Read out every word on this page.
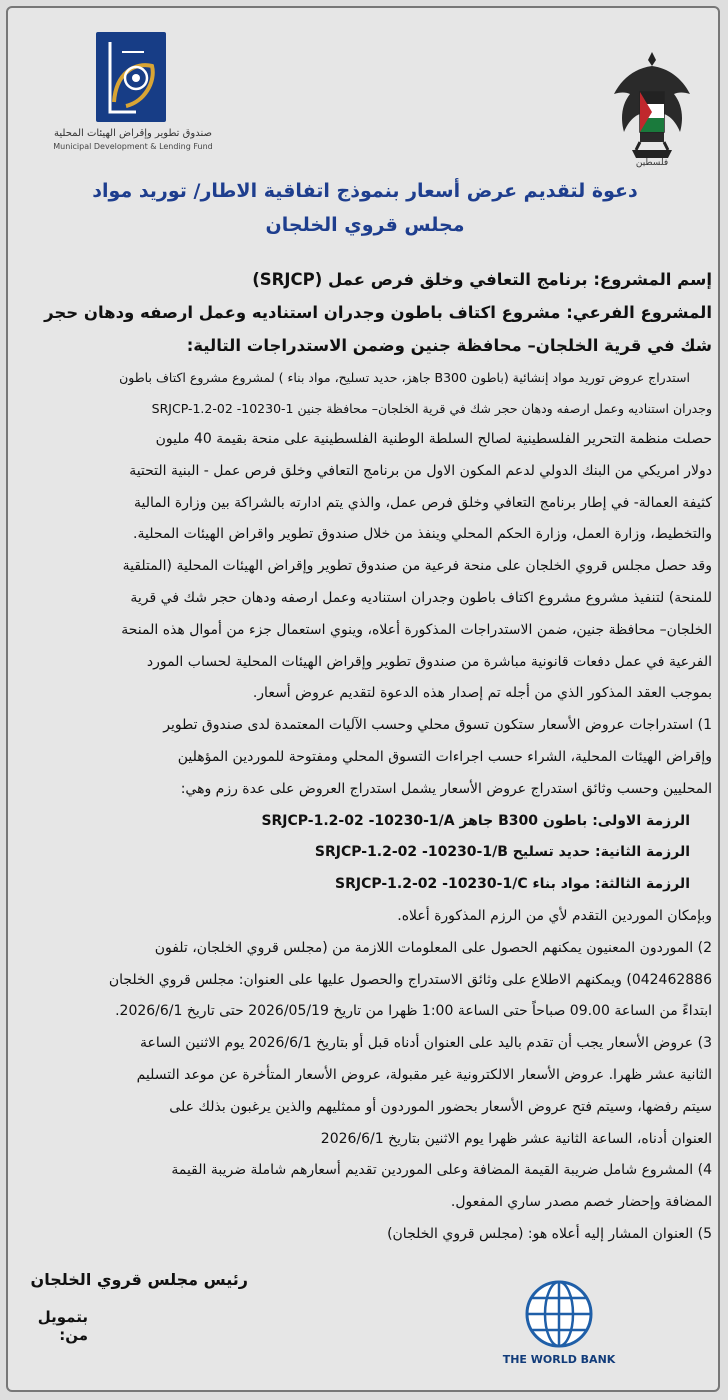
صندوق تطوير وإقراض الهيئات المحلية
Municipal Development & Lending Fund
فلسطين
دعوة لتقديم عرض أسعار بنموذج اتفاقية الاطار/ توريد مواد
مجلس قروي الخلجان
إسم المشروع: برنامج التعافي وخلق فرص عمل (SRJCP)
المشروع الفرعي: مشروع اكتاف باطون وجدران استناديه وعمل ارصفه ودهان حجر
شك في قرية الخلجان– محافظة جنين وضمن الاستدراجات التالية:
استدراج عروض توريد مواد إنشائية (باطون B300 جاهز، حديد تسليح، مواد بناء ) لمشروع مشروع اكتاف باطون
وجدران استناديه وعمل ارصفه ودهان حجر شك في قرية الخلجان– محافظة جنين SRJCP-1.2-02 -10230-1
حصلت منظمة التحرير الفلسطينية لصالح السلطة الوطنية الفلسطينية على منحة بقيمة 40 مليون
دولار امريكي من البنك الدولي لدعم المكون الاول من برنامج التعافي وخلق فرص عمل - البنية التحتية
كثيفة العمالة- في إطار برنامج التعافي وخلق فرص عمل، والذي يتم ادارته بالشراكة بين وزارة المالية
والتخطيط، وزارة العمل، وزارة الحكم المحلي وينفذ من خلال صندوق تطوير واقراض الهيئات المحلية.
وقد حصل مجلس قروي الخلجان على منحة فرعية من صندوق تطوير وإقراض الهيئات المحلية (المتلقية
للمنحة) لتنفيذ مشروع مشروع اكتاف باطون وجدران استناديه وعمل ارصفه ودهان حجر شك في قرية
الخلجان– محافظة جنين، ضمن الاستدراجات المذكورة أعلاه، وينوي استعمال جزء من أموال هذه المنحة
الفرعية في عمل دفعات قانونية مباشرة من صندوق تطوير وإقراض الهيئات المحلية لحساب المورد
بموجب العقد المذكور الذي من أجله تم إصدار هذه الدعوة لتقديم عروض أسعار.
1) استدراجات عروض الأسعار ستكون تسوق محلي وحسب الآليات المعتمدة لدى صندوق تطوير
وإقراض الهيئات المحلية، الشراء حسب اجراءات التسوق المحلي ومفتوحة للموردين المؤهلين
المحليين وحسب وثائق استدراج عروض الأسعار يشمل استدراج العروض على عدة رزم وهي:
الرزمة الاولى: باطون B300 جاهز SRJCP-1.2-02 -10230-1/A
الرزمة الثانية: حديد تسليح SRJCP-1.2-02 -10230-1/B
الرزمة الثالثة: مواد بناء SRJCP-1.2-02 -10230-1/C
وبإمكان الموردين التقدم لأي من الرزم المذكورة أعلاه.
2) الموردون المعنيون يمكنهم الحصول على المعلومات اللازمة من (مجلس قروي الخلجان، تلفون
042462886) ويمكنهم الاطلاع على وثائق الاستدراج والحصول عليها على العنوان: مجلس قروي الخلجان
ابتداءً من الساعة 09.00 صباحاً حتى الساعة 1:00 ظهرا من تاريخ 2026/05/19 حتى تاريخ 2026/6/1.
3) عروض الأسعار يجب أن تقدم باليد على العنوان أدناه قبل أو بتاريخ 2026/6/1 يوم الاثنين الساعة
الثانية عشر ظهرا. عروض الأسعار الالكترونية غير مقبولة، عروض الأسعار المتأخرة عن موعد التسليم
سيتم رفضها، وسيتم فتح عروض الأسعار بحضور الموردون أو ممثليهم والذين يرغبون بذلك على
العنوان أدناه، الساعة الثانية عشر ظهرا يوم الاثنين بتاريخ 2026/6/1
4) المشروع شامل ضريبة القيمة المضافة وعلى الموردين تقديم أسعارهم شاملة ضريبة القيمة
المضافة وإحضار خصم مصدر ساري المفعول.
5) العنوان المشار إليه أعلاه هو: (مجلس قروي الخلجان)
رئيس مجلس قروي الخلجان
بتمويل من:
THE WORLD BANK
